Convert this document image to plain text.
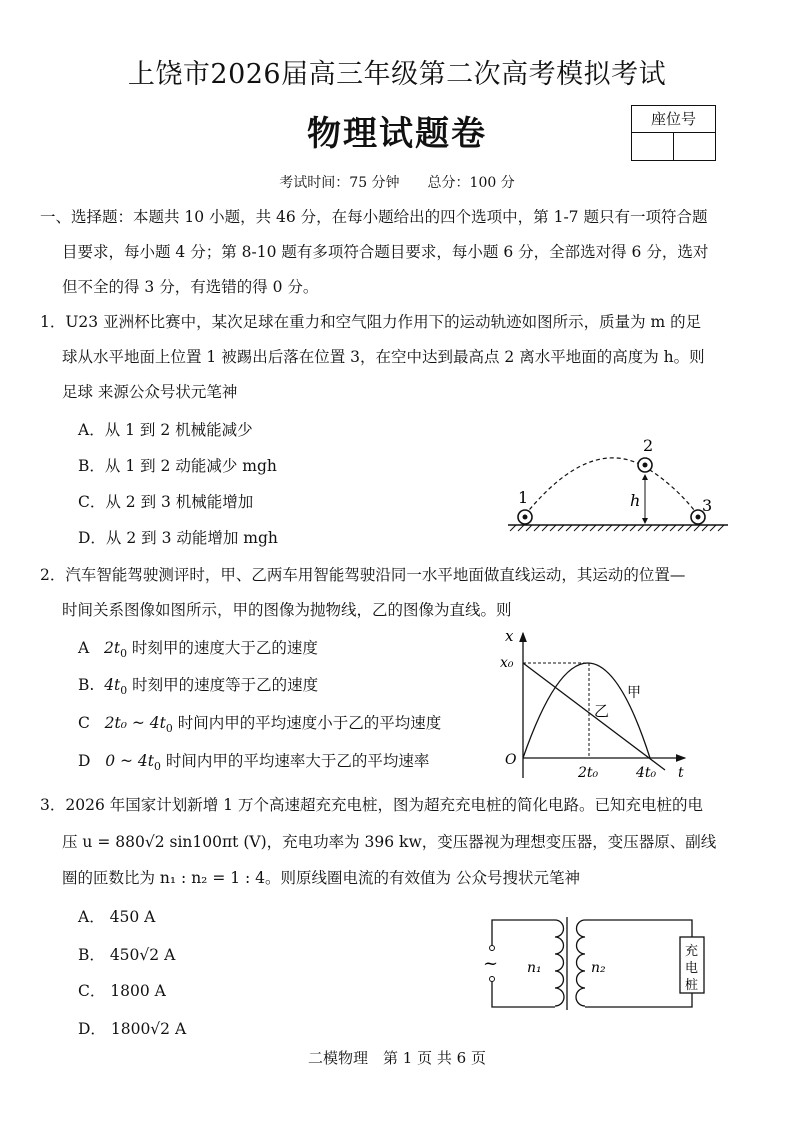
上饶市2026届高三年级第二次高考模拟考试
物理试题卷	座位号
考试时间：75 分钟　　总分：100 分
一、选择题：本题共 10 小题，共 46 分，在每小题给出的四个选项中，第 1-7 题只有一项符合题
目要求，每小题 4 分；第 8-10 题有多项符合题目要求，每小题 6 分，全部选对得 6 分，选对
但不全的得 3 分，有选错的得 0 分。
1．U23 亚洲杯比赛中，某次足球在重力和空气阻力作用下的运动轨迹如图所示，质量为 m 的足
球从水平地面上位置 1 被踢出后落在位置 3，在空中达到最高点 2 离水平地面的高度为 h。则
足球 来源公众号状元笔神
A．从 1 到 2 机械能减少
B．从 1 到 2 动能减少 mgh
C．从 2 到 3 机械能增加
D．从 2 到 3 动能增加 mgh
1
2
3
h
2．汽车智能驾驶测评时，甲、乙两车用智能驾驶沿同一水平地面做直线运动，其运动的位置—
时间关系图像如图所示，甲的图像为抛物线，乙的图像为直线。则
A $2t_0$ 时刻甲的速度大于乙的速度
B. $4t_0$ 时刻甲的速度等于乙的速度
C 2t₀ ~ $4t_0$ 时间内甲的平均速度小于乙的平均速度
D 0 ~ $4t_0$ 时间内甲的平均速率大于乙的平均速率
x
x₀
O
2t₀	4t₀ t
甲
乙
3．2026 年国家计划新增 1 万个高速超充充电桩，图为超充充电桩的简化电路。已知充电桩的电
压 u = 880√2 sin100πt (V)，充电功率为 396 kw，变压器视为理想变压器，变压器原、副线
圈的匝数比为 n₁ : n₂ = 1 : 4。则原线圈电流的有效值为 公众号搜状元笔神
A． 450 A
B． 450√2 A
C． 1800 A
D． 1800√2 A
~ n₁	n₂
充
电
桩
二模物理　第 1 页 共 6 页
